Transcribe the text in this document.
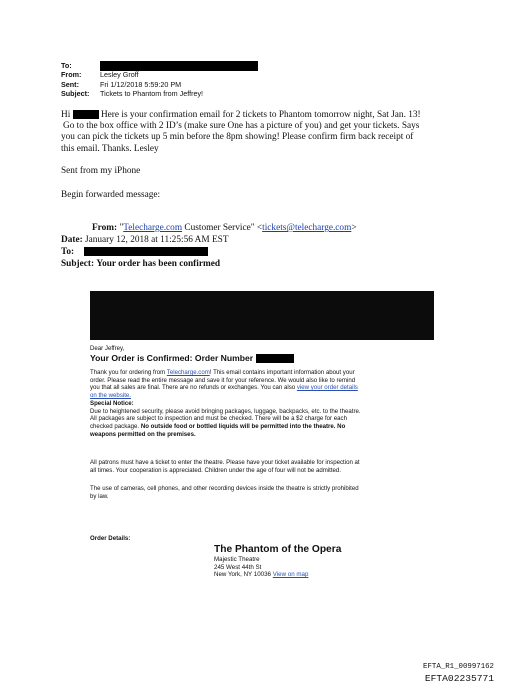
To:
From:	Lesley Groff
Sent:	Fri 1/12/2018 5:59:20 PM
Subject:	Tickets to Phantom from Jeffrey!
Hi	Here is your confirmation email for 2 tickets to Phantom tomorrow night, Sat Jan. 13!
Go to the box office with 2 ID’s (make sure One has a picture of you) and get your tickets. Says
you can pick the tickets up 5 min before the 8pm showing! Please confirm firm back receipt of
this email. Thanks. Lesley
Sent from my iPhone
Begin forwarded message:
From: "Telecharge.com Customer Service" <tickets@telecharge.com>
Date: January 12, 2018 at 11:25:56 AM EST
To:
Subject: Your order has been confirmed
Dear Jeffrey,
Your Order is Confirmed: Order Number
Thank you for ordering from Telecharge.com! This email contains important information about your
order. Please read the entire message and save it for your reference. We would also like to remind
you that all sales are final. There are no refunds or exchanges. You can also view your order details
on the website.
Special Notice:
Due to heightened security, please avoid bringing packages, luggage, backpacks, etc. to the theatre.
All packages are subject to inspection and must be checked. There will be a $2 charge for each
checked package. No outside food or bottled liquids will be permitted into the theatre. No
weapons permitted on the premises.
All patrons must have a ticket to enter the theatre. Please have your ticket available for inspection at
all times. Your cooperation is appreciated. Children under the age of four will not be admitted.
The use of cameras, cell phones, and other recording devices inside the theatre is strictly prohibited
by law.
Order Details:
The Phantom of the Opera
Majestic Theatre
245 West 44th St
New York, NY 10036 View on map
EFTA_R1_00997162
EFTA02235771
